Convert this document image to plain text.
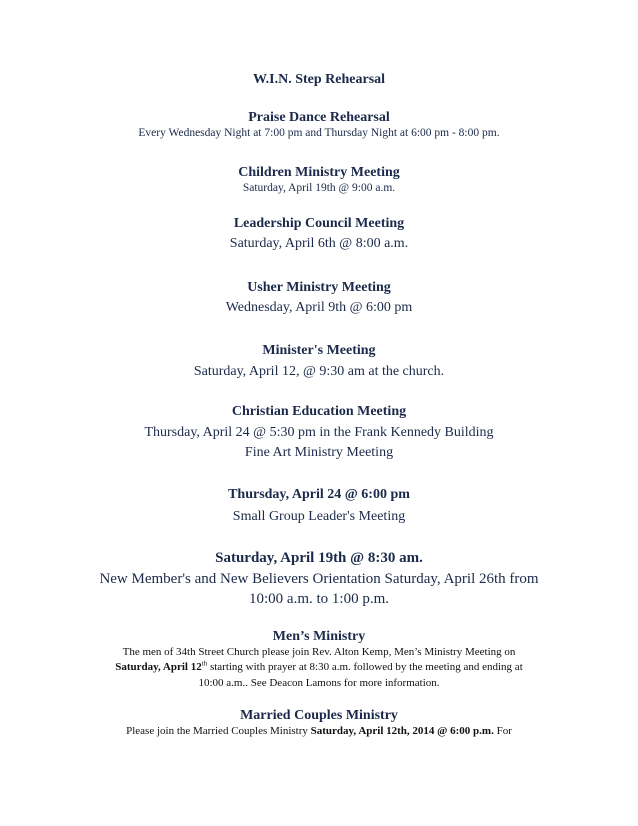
W.I.N. Step Rehearsal
Praise Dance Rehearsal
Every Wednesday Night at 7:00 pm and Thursday Night at 6:00 pm - 8:00 pm.
Children Ministry Meeting
Saturday, April 19th @ 9:00 a.m.
Leadership Council Meeting
Saturday, April 6th @ 8:00 a.m.
Usher Ministry Meeting
Wednesday, April 9th @ 6:00 pm
Minister's Meeting
Saturday, April 12, @ 9:30 am at the church.
Christian Education Meeting
Thursday, April 24 @ 5:30 pm in the Frank Kennedy Building
Fine Art Ministry Meeting
Thursday, April 24 @ 6:00 pm
Small Group Leader's Meeting
Saturday, April 19th @ 8:30 am.
New Member's and New Believers Orientation Saturday, April 26th from
10:00 a.m. to 1:00 p.m.
Men’s Ministry
The men of 34th Street Church please join Rev. Alton Kemp, Men’s Ministry Meeting on
Saturday, April 12th starting with prayer at 8:30 a.m. followed by the meeting and ending at
10:00 a.m.. See Deacon Lamons for more information.
Married Couples Ministry
Please join the Married Couples Ministry Saturday, April 12th, 2014 @ 6:00 p.m. For
